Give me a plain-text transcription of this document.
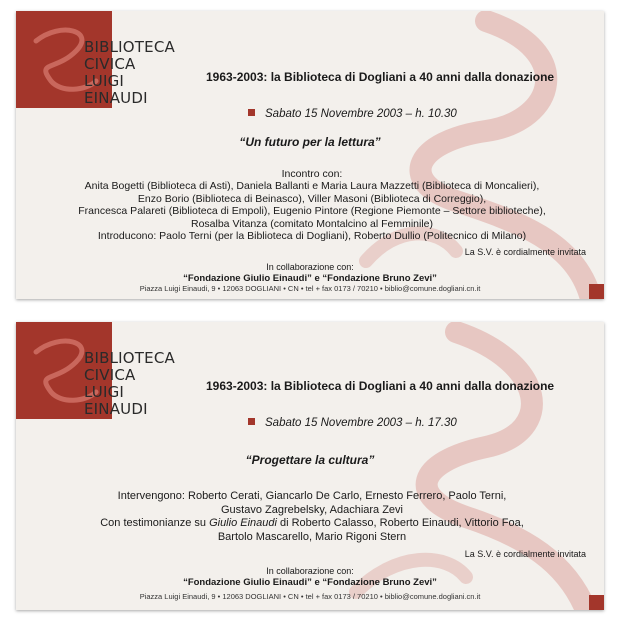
BIBLIOTECA
CIVICA
LUIGI
EINAUDI
1963-2003: la Biblioteca di Dogliani a 40 anni dalla donazione
Sabato 15 Novembre 2003 – h. 10.30
“Un futuro per la lettura”
Incontro con:
Anita Bogetti (Biblioteca di Asti), Daniela Ballanti e Maria Laura Mazzetti (Biblioteca di Moncalieri),
Enzo Borio (Biblioteca di Beinasco), Viller Masoni (Biblioteca di Correggio),
Francesca Palareti (Biblioteca di Empoli), Eugenio Pintore (Regione Piemonte – Settore biblioteche),
Rosalba Vitanza (comitato Montalcino al Femminile)
Introducono: Paolo Terni (per la Biblioteca di Dogliani), Roberto Dullio (Politecnico di Milano)
La S.V. è cordialmente invitata
In collaborazione con:
“Fondazione Giulio Einaudi” e “Fondazione Bruno Zevi”
Piazza Luigi Einaudi, 9 • 12063 DOGLIANI • CN • tel + fax 0173 / 70210 • biblio@comune.dogliani.cn.it
BIBLIOTECA
CIVICA
LUIGI
EINAUDI
1963-2003: la Biblioteca di Dogliani a 40 anni dalla donazione
Sabato 15 Novembre 2003 – h. 17.30
“Progettare la cultura”
Intervengono: Roberto Cerati, Giancarlo De Carlo, Ernesto Ferrero, Paolo Terni,
Gustavo Zagrebelsky, Adachiara Zevi
Con testimonianze su Giulio Einaudi di Roberto Calasso, Roberto Einaudi, Vittorio Foa,
Bartolo Mascarello, Mario Rigoni Stern
La S.V. è cordialmente invitata
In collaborazione con:
“Fondazione Giulio Einaudi” e “Fondazione Bruno Zevi”
Piazza Luigi Einaudi, 9 • 12063 DOGLIANI • CN • tel + fax 0173 / 70210 • biblio@comune.dogliani.cn.it
